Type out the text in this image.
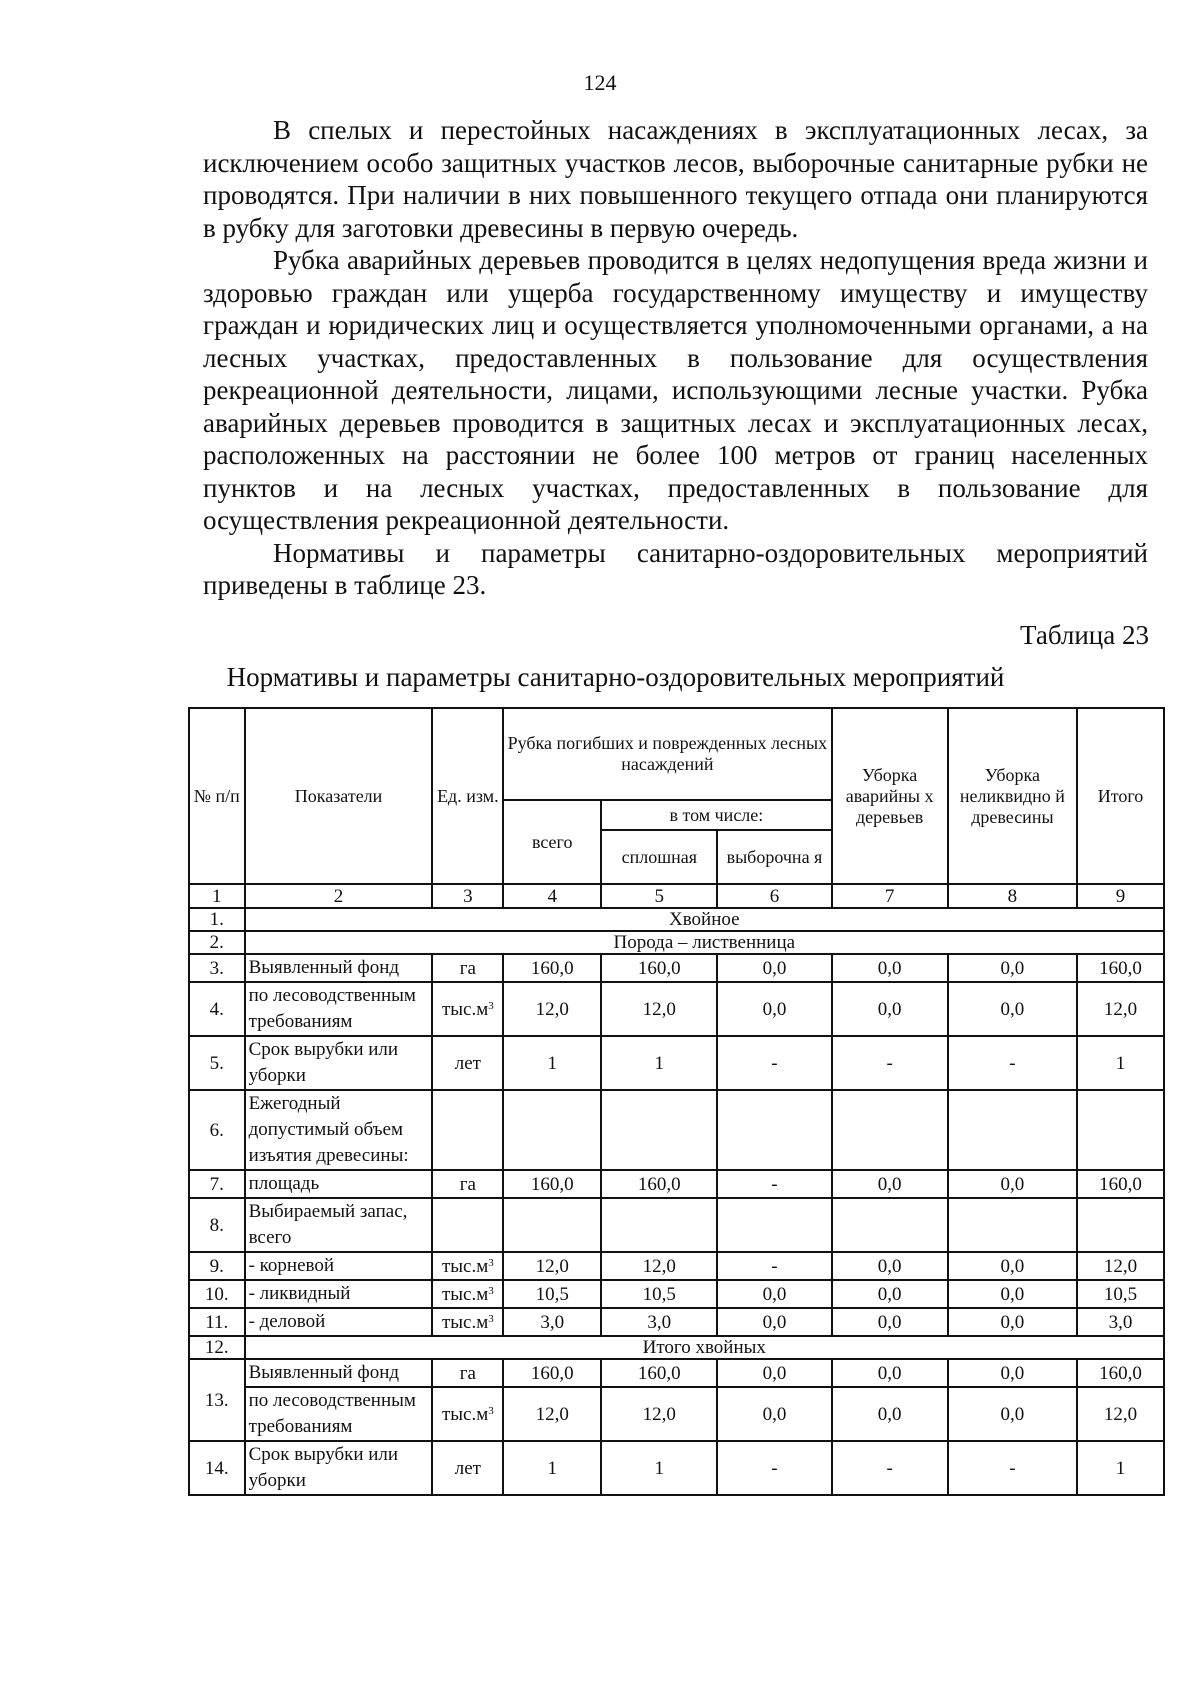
124

В спелых и перестойных насаждениях в эксплуатационных лесах, за исключением особо защитных участков лесов, выборочные санитарные рубки не проводятся. При наличии в них повышенного текущего отпада они планируются в рубку для заготовки древесины в первую очередь.

Рубка аварийных деревьев проводится в целях недопущения вреда жизни и здоровью граждан или ущерба государственному имуществу и имуществу граждан и юридических лиц и осуществляется уполномоченными органами, а на лесных участках, предоставленных в пользование для осуществления рекреационной деятельности, лицами, использующими лесные участки. Рубка аварийных деревьев проводится в защитных лесах и эксплуатационных лесах, расположенных на расстоянии не более 100 метров от границ населенных пунктов и на лесных участках, предоставленных в пользование для осуществления рекреационной деятельности.

Нормативы и параметры санитарно-оздоровительных мероприятий приведены в таблице 23.

Таблица 23
Нормативы и параметры санитарно-оздоровительных мероприятий
№ п/п	Показатели	Ед. изм.	Рубка погибших и поврежденных лесных насаждений			Уборка аварийны х деревьев	Уборка неликвидно й древесины	Итого
			всего	в том числе:				
				сплошная	выборочна я			
1	2	3	4	5	6	7	8	9
1.	Хвойное							
2.	Порода – лиственница							
3.	Выявленный фонд	га	160,0	160,0	0,0	0,0	0,0	160,0
4.	по лесоводственным требованиям	$тыс.м^3$	12,0	12,0	0,0	0,0	0,0	12,0
5.	Срок вырубки или уборки	лет	1	1	-	-	-	1
6.	Ежегодный допустимый объем изъятия древесины:							
7.	площадь	га	160,0	160,0	-	0,0	0,0	160,0
8.	Выбираемый запас, всего							
9.	- корневой	$тыс.м^3$	12,0	12,0	-	0,0	0,0	12,0
10.	- ликвидный	$тыс.м^3$	10,5	10,5	0,0	0,0	0,0	10,5
11.	- деловой	$тыс.м^3$	3,0	3,0	0,0	0,0	0,0	3,0
12.	Итого хвойных							
13.	Выявленный фонд	га	160,0	160,0	0,0	0,0	0,0	160,0
	по лесоводственным требованиям	$тыс.м^3$	12,0	12,0	0,0	0,0	0,0	12,0
14.	Срок вырубки или уборки	лет	1	1	-	-	-	1
